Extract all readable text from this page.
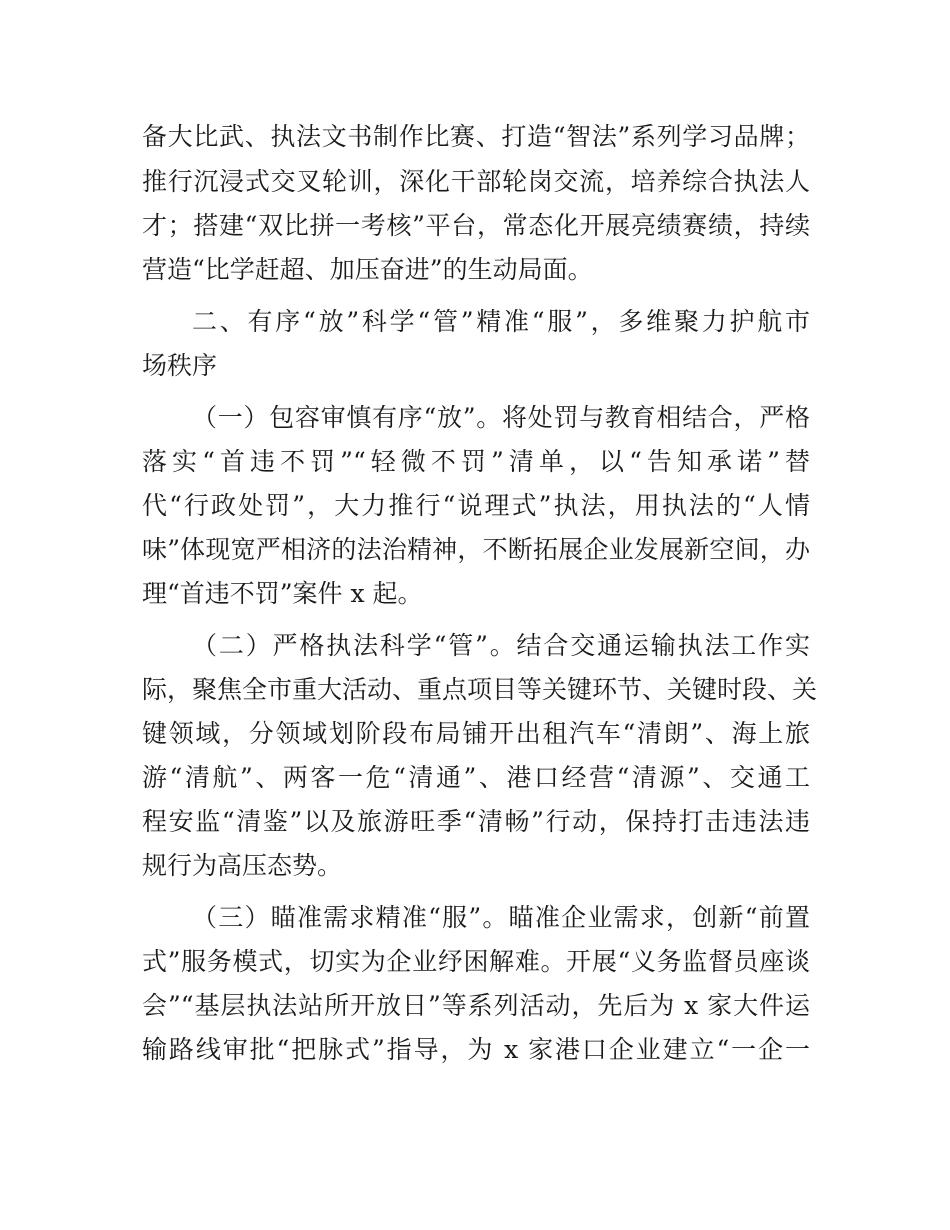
备大比武、执法文书制作比赛、打造“智法”系列学习品牌；
推行沉浸式交叉轮训，深化干部轮岗交流，培养综合执法人
才；搭建“双比拼一考核”平台，常态化开展亮绩赛绩，持续
营造“比学赶超、加压奋进”的生动局面。
二、有序“放”科学“管”精准“服”，多维聚力护航市
场秩序
（一）包容审慎有序“放”。将处罚与教育相结合，严格
落实“首违不罚”“轻微不罚”清单，以“告知承诺”替
代“行政处罚”，大力推行“说理式”执法，用执法的“人情
味”体现宽严相济的法治精神，不断拓展企业发展新空间，办
理“首违不罚”案件 x 起。
（二）严格执法科学“管”。结合交通运输执法工作实
际，聚焦全市重大活动、重点项目等关键环节、关键时段、关
键领域，分领域划阶段布局铺开出租汽车“清朗”、海上旅
游“清航”、两客一危“清通”、港口经营“清源”、交通工
程安监“清鉴”以及旅游旺季“清畅”行动，保持打击违法违
规行为高压态势。
（三）瞄准需求精准“服”。瞄准企业需求，创新“前置
式”服务模式，切实为企业纾困解难。开展“义务监督员座谈
会”“基层执法站所开放日”等系列活动，先后为 x 家大件运
输路线审批“把脉式”指导，为 x 家港口企业建立“一企一
